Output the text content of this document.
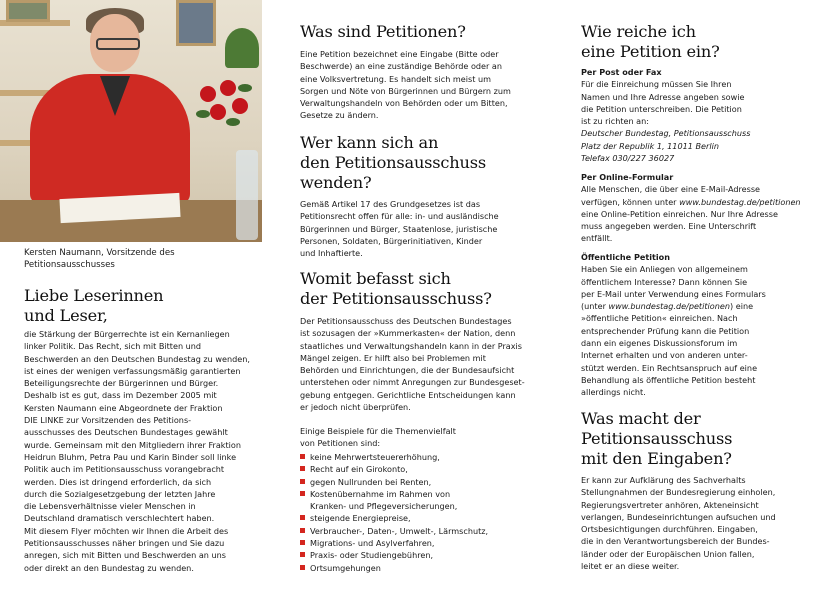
Kersten Naumann, Vorsitzende des Petitionsausschusses
Liebe Leserinnen
und Leser,
die Stärkung der Bürgerrechte ist ein Kernanliegen
linker Politik. Das Recht, sich mit Bitten und
Beschwerden an den Deutschen Bundestag zu wenden,
ist eines der wenigen verfassungsmäßig garantierten
Beteiligungsrechte der Bürgerinnen und Bürger.
Deshalb ist es gut, dass im Dezember 2005 mit
Kersten Naumann eine Abgeordnete der Fraktion
DIE LINKE zur Vorsitzenden des Petitions-
ausschusses des Deutschen Bundestages gewählt
wurde. Gemeinsam mit den Mitgliedern ihrer Fraktion
Heidrun Bluhm, Petra Pau und Karin Binder soll linke
Politik auch im Petitionsausschuss vorangebracht
werden. Dies ist dringend erforderlich, da sich
durch die Sozialgesetzgebung der letzten Jahre
die Lebensverhältnisse vieler Menschen in
Deutschland dramatisch verschlechtert haben.
Mit diesem Flyer möchten wir Ihnen die Arbeit des
Petitionsausschusses näher bringen und Sie dazu
anregen, sich mit Bitten und Beschwerden an uns
oder direkt an den Bundestag zu wenden.
Was sind Petitionen?
Eine Petition bezeichnet eine Eingabe (Bitte oder
Beschwerde) an eine zuständige Behörde oder an
eine Volksvertretung. Es handelt sich meist um
Sorgen und Nöte von Bürgerinnen und Bürgern zum
Verwaltungshandeln von Behörden oder um Bitten,
Gesetze zu ändern.
Wer kann sich an
den Petitionsausschuss
wenden?
Gemäß Artikel 17 des Grundgesetzes ist das
Petitionsrecht offen für alle: in- und ausländische
Bürgerinnen und Bürger, Staatenlose, juristische
Personen, Soldaten, Bürgerinitiativen, Kinder
und Inhaftierte.
Womit befasst sich
der Petitionsausschuss?
Der Petitionsausschuss des Deutschen Bundestages
ist sozusagen der »Kummerkasten« der Nation, denn
staatliches und Verwaltungshandeln kann in der Praxis
Mängel zeigen. Er hilft also bei Problemen mit
Behörden und Einrichtungen, die der Bundesaufsicht
unterstehen oder nimmt Anregungen zur Bundesgeset-
gebung entgegen. Gerichtliche Entscheidungen kann
er jedoch nicht überprüfen.
Einige Beispiele für die Themenvielfalt
von Petitionen sind:
keine Mehrwertsteuererhöhung,
Recht auf ein Girokonto,
gegen Nullrunden bei Renten,
Kostenübernahme im Rahmen von
Kranken- und Pflegeversicherungen,
steigende Energiepreise,
Verbraucher-, Daten-, Umwelt-, Lärmschutz,
Migrations- und Asylverfahren,
Praxis- oder Studiengebühren,
Ortsumgehungen
Wie reiche ich
eine Petition ein?
Per Post oder Fax
Für die Einreichung müssen Sie Ihren
Namen und Ihre Adresse angeben sowie
die Petition unterschreiben. Die Petition
ist zu richten an:
Deutscher Bundestag, Petitionsausschuss
Platz der Republik 1, 11011 Berlin
Telefax 030/227 36027
Per Online-Formular
Alle Menschen, die über eine E-Mail-Adresse
verfügen, können unter www.bundestag.de/petitionen
eine Online-Petition einreichen. Nur Ihre Adresse
muss angegeben werden. Eine Unterschrift
entfällt.
Öffentliche Petition
Haben Sie ein Anliegen von allgemeinem
öffentlichem Interesse? Dann können Sie
per E-Mail unter Verwendung eines Formulars
(unter www.bundestag.de/petitionen) eine
»öffentliche Petition« einreichen. Nach
entsprechender Prüfung kann die Petition
dann ein eigenes Diskussionsforum im
Internet erhalten und von anderen unter-
stützt werden. Ein Rechtsanspruch auf eine
Behandlung als öffentliche Petition besteht
allerdings nicht.
Was macht der
Petitionsausschuss
mit den Eingaben?
Er kann zur Aufklärung des Sachverhalts
Stellungnahmen der Bundesregierung einholen,
Regierungsvertreter anhören, Akteneinsicht
verlangen, Bundeseinrichtungen aufsuchen und
Ortsbesichtigungen durchführen. Eingaben,
die in den Verantwortungsbereich der Bundes-
länder oder der Europäischen Union fallen,
leitet er an diese weiter.
